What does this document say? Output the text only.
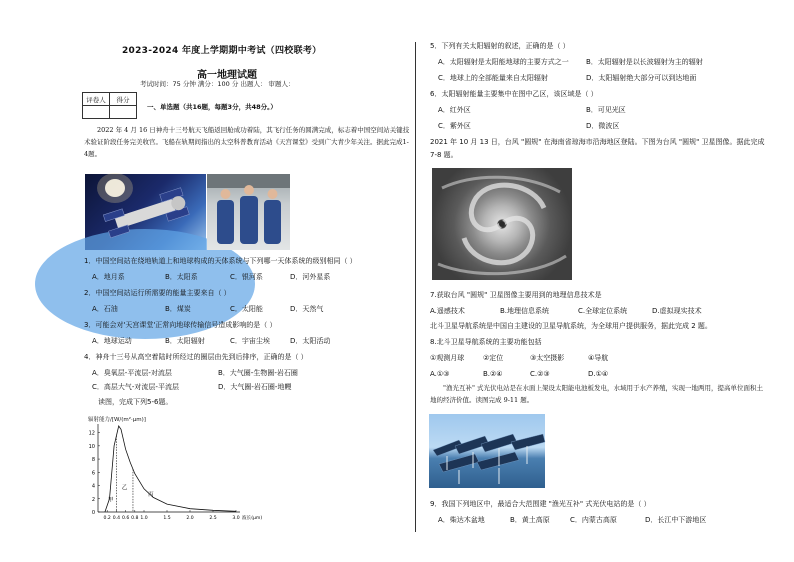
2023-2024 年度上学期期中考试（四校联考）
高一地理试题
考试时间：75 分钟 满分：100 分 出题人： 审题人：
评卷人	得分

一、单选题（共16题，每题3分，共48分。）
2022 年 4 月 16 日神舟十三号航天飞船返回舱成功着陆，其飞行任务的圆满完成，标志着中国空间站关键技术验证阶段任务完美收官。飞船在轨期间指出的太空科普教育活动《天宫课堂》受到广大青少年关注。据此完成1-4题。
1．中国空间站在绕地轨道上和地球构成的天体系统与下列哪一天体系统的级别相同（ ）
A．地月系	B．太阳系	C．银河系	D．河外星系
2．中国空间站运行所需要的能量主要来自（ ）
A．石油	B．煤炭	C．太阳能	D．天然气
3．可能会对'天宫课堂'正常向地球传输信号造成影响的是（ ）
A．地球运动	B．太阳辐射	C．宇宙尘埃	D．太阳活动
4．神舟十三号从高空着陆时所经过的圈层由先到后排序，正确的是（ ）
A．臭氧层-平流层-对流层	B．大气圈-生物圈-岩石圈
C．高层大气-对流层-平流层	D．大气圈-岩石圈-地幔
读图，完成下列5-6题。
辐射能力/[W/(m²·μm)]
0
2
4
6
8
10
12
0.2 0.4 0.6 0.8 1.0	1.5	2.0	2.5	3.0 波长(μm)
甲
乙
丙
5．下列有关太阳辐射的叙述，正确的是（ ）
A．太阳辐射是太阳能地球的主要方式之一 B．太阳辐射是以长波辐射为主的辐射
C．地球上的全部能量来自太阳辐射	D．太阳辐射绝大部分可以到达地面
6．太阳辐射能量主要集中在图中乙区，该区域是（ ）
A．红外区	B．可见光区
C．紫外区	D．微波区
2021 年 10 月 13 日，台风 "圆规" 在海南省琼海市沿海地区登陆。下图为台风 "圆规" 卫星图像。据此完成 7-8 题。
7.获取台风 "圆规" 卫星图像主要用到的地理信息技术是
A.遥感技术	B.地理信息系统	C.全球定位系统	D.虚拟现实技术
北斗卫星导航系统是中国自主建设的卫星导航系统，为全球用户提供服务，据此完成 2 题。
8.北斗卫星导航系统的主要功能包括
①观测月球	②定位	③太空摄影	④导航
A.①③	B.②④	C.②③	D.①④
"渔光互补" 式光伏电站是在水面上架设太阳能电池板发电，水域用于水产养殖，实现一地两用，提高单位面积土地的经济价值。读图完成 9-11 题。
9．我国下列地区中，最适合大范围建 "渔光互补" 式光伏电站的是（ ）
A．柴达木盆地	B．黄土高原	C．内蒙古高原	D．长江中下游地区
